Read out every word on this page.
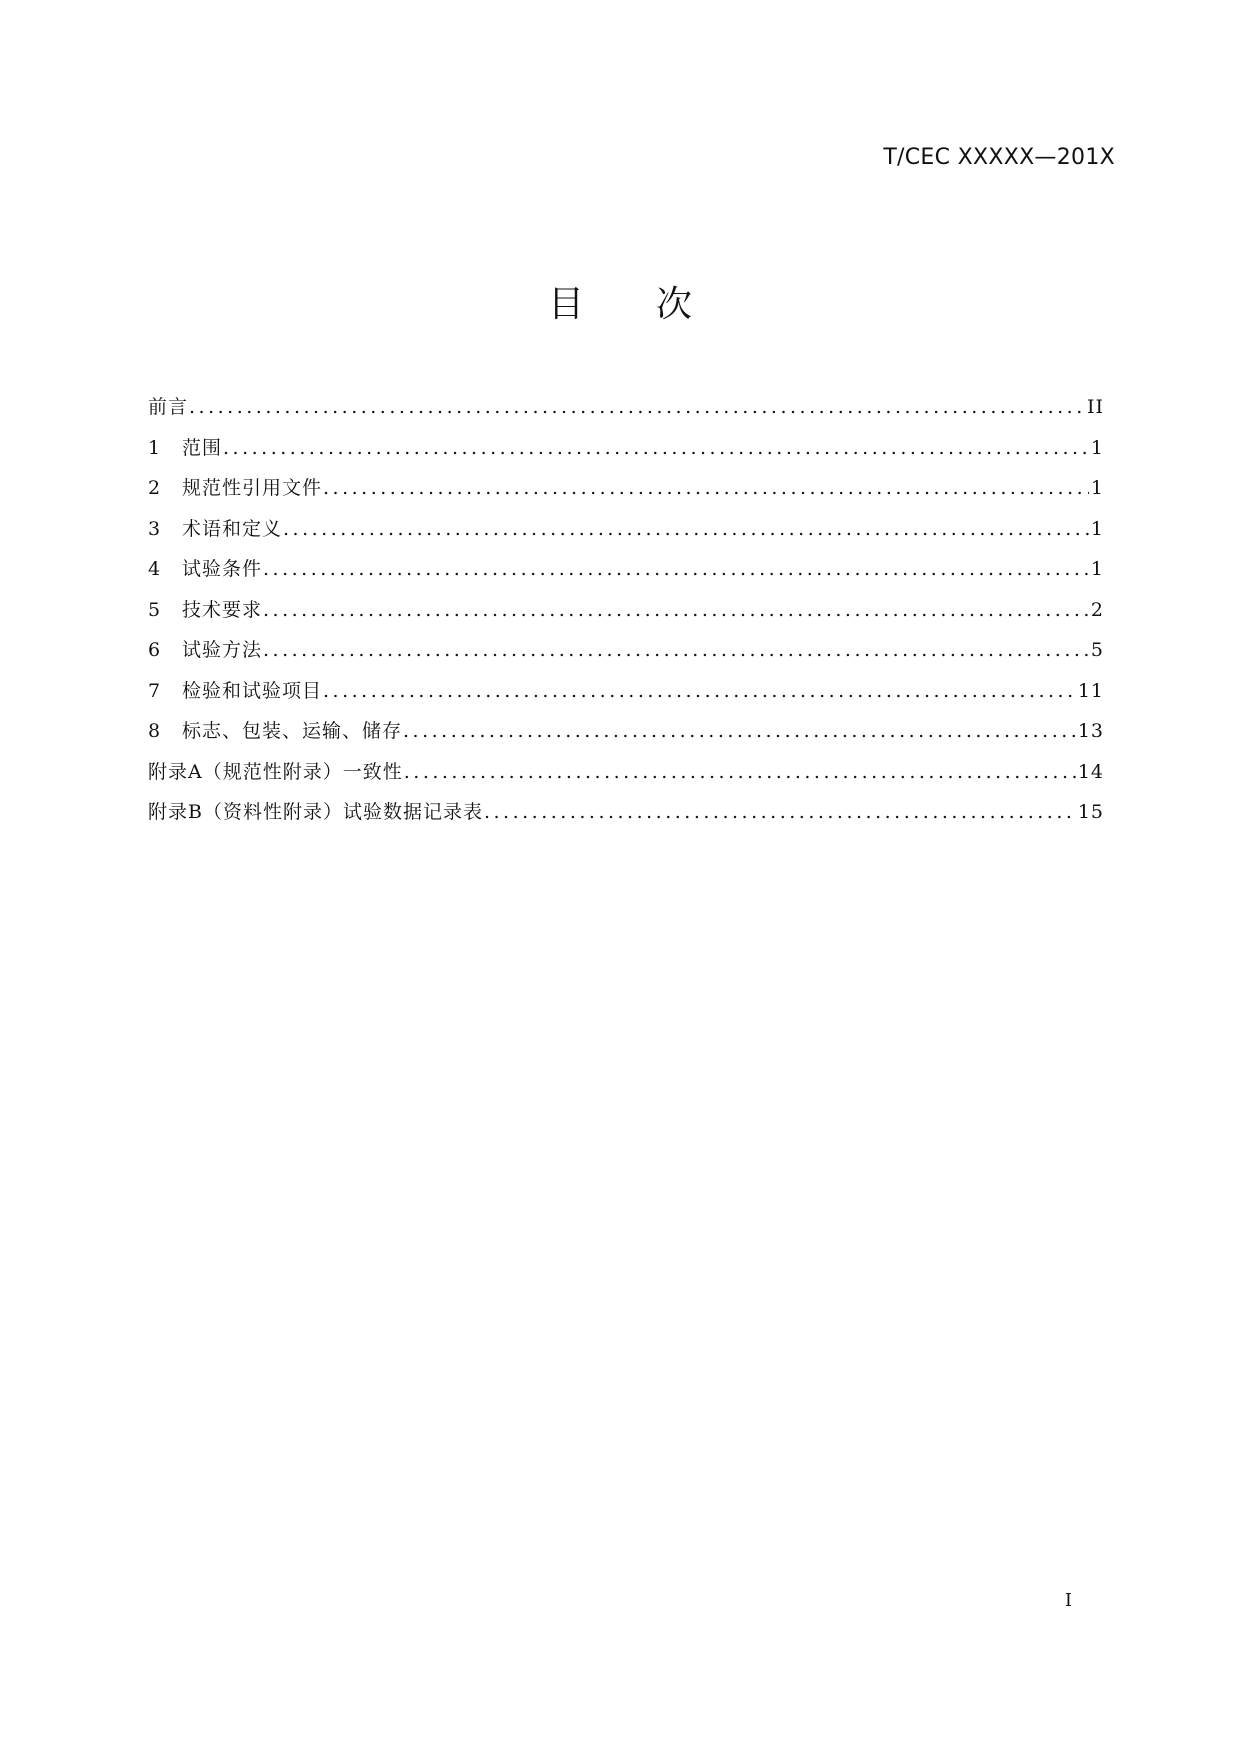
T/CEC XXXXX—201X
目次
前言 .....	II
1	范围 .....	1
2	规范性引用文件 .....	1
3	术语和定义 .....	1
4	试验条件 .....	1
5	技术要求 .....	2
6	试验方法 .....	5
7	检验和试验项目 .....	11
8	标志、包装、运输、储存 .....	13
附录A（规范性附录）一致性 .....	14
附录B（资料性附录）试验数据记录表 .....	15
I
